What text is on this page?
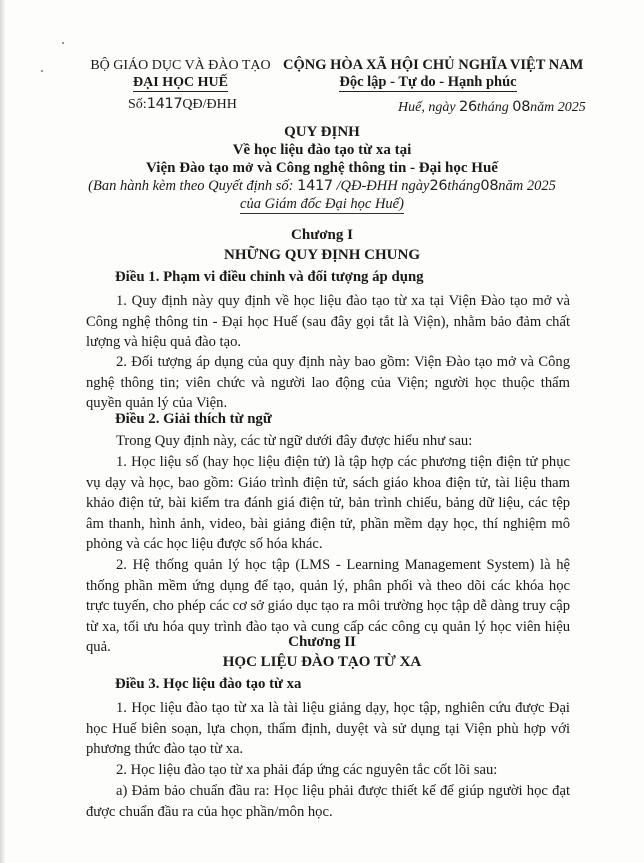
BỘ GIÁO DỤC VÀ ĐÀO TẠO
ĐẠI HỌC HUẾ
Số:1417QĐ/ĐHH
CỘNG HÒA XÃ HỘI CHỦ NGHĨA VIỆT NAM
Độc lập - Tự do - Hạnh phúc
Huế, ngày 26tháng 08năm 2025
QUY ĐỊNH
Về học liệu đào tạo từ xa tại
Viện Đào tạo mở và Công nghệ thông tin - Đại học Huế
(Ban hành kèm theo Quyết định số: 1417 /QĐ-ĐHH ngày26tháng08năm 2025
của Giám đốc Đại học Huế)
Chương I
NHỮNG QUY ĐỊNH CHUNG
Điều 1. Phạm vi điều chỉnh và đối tượng áp dụng
1. Quy định này quy định về học liệu đào tạo từ xa tại Viện Đào tạo mở và Công nghệ thông tin - Đại học Huế (sau đây gọi tắt là Viện), nhằm bảo đảm chất lượng và hiệu quả đào tạo.
2. Đối tượng áp dụng của quy định này bao gồm: Viện Đào tạo mở và Công nghệ thông tin; viên chức và người lao động của Viện; người học thuộc thẩm quyền quản lý của Viện.
Điều 2. Giải thích từ ngữ
Trong Quy định này, các từ ngữ dưới đây được hiểu như sau:
1. Học liệu số (hay học liệu điện tử) là tập hợp các phương tiện điện tử phục vụ dạy và học, bao gồm: Giáo trình điện tử, sách giáo khoa điện tử, tài liệu tham khảo điện tử, bài kiểm tra đánh giá điện tử, bản trình chiếu, bảng dữ liệu, các tệp âm thanh, hình ảnh, video, bài giảng điện tử, phần mềm dạy học, thí nghiệm mô phỏng và các học liệu được số hóa khác.
2. Hệ thống quản lý học tập (LMS - Learning Management System) là hệ thống phần mềm ứng dụng để tạo, quản lý, phân phối và theo dõi các khóa học trực tuyến, cho phép các cơ sở giáo dục tạo ra môi trường học tập dễ dàng truy cập từ xa, tối ưu hóa quy trình đào tạo và cung cấp các công cụ quản lý học viên hiệu quả.	Chương II
HỌC LIỆU ĐÀO TẠO TỪ XA
Điều 3. Học liệu đào tạo từ xa
1. Học liệu đào tạo từ xa là tài liệu giảng dạy, học tập, nghiên cứu được Đại học Huế biên soạn, lựa chọn, thẩm định, duyệt và sử dụng tại Viện phù hợp với phương thức đào tạo từ xa.
2. Học liệu đào tạo từ xa phải đáp ứng các nguyên tắc cốt lõi sau:
a) Đảm bảo chuẩn đầu ra: Học liệu phải được thiết kế để giúp người học đạt được chuẩn đầu ra của học phần/môn học.
